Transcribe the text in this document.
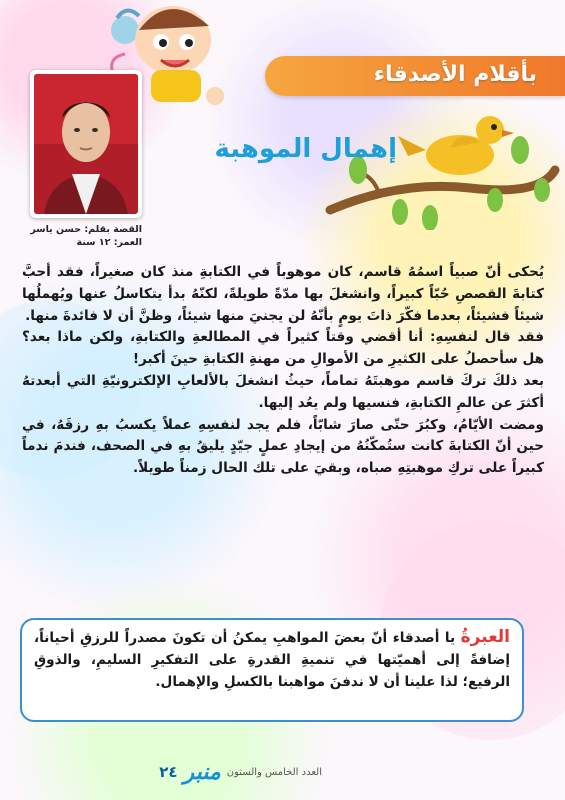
بأقلام الأصدقاء
إهمال الموهبة
القصة بقلم: حسن ياسر
العمر: ١٢ سنة

يُحكى أنّ صبياً اسمُهُ قاسم، كان موهوباً في الكتابةِ منذ كان صغيراً، فقد أحبَّ كتابةَ القصصِ حُبّاً كبيراً، وانشغلَ بها مدّةً طويلةً، لكنّهُ بدأ يتكاسلُ عنها ويُهملُها شيئاً فشيئاً، بعدما فكّرَ ذاتَ يومٍ بأنّهُ لن يجنيَ منها شيئاً، وظنَّ أن لا فائدةَ منها.

فقد قال لنفسِهِ: أنا أقضي وقتاً كثيراً في المطالعةِ والكتابةِ، ولكن ماذا بعد؟ هل سأحصلُ على الكثيرِ من الأموالِ من مهنةِ الكتابةِ حينَ أكبر!

بعد ذلكَ تركَ قاسم موهبتَهُ تماماً، حيثُ انشغلَ بالألعابِ الإلكترونيّةِ التي أبعدتهُ أكثرَ عن عالمِ الكتابةِ، فنسيها ولم يعُد إليها.

ومضت الأيّامُ، وكبُرَ حتّى صارَ شابّاً، فلم يجد لنفسِهِ عملاً يكسبُ بهِ رزقَهُ، في حين أنّ الكتابةَ كانت ستُمكّنُهُ من إيجادِ عملٍ جيّدٍ يليقُ بهِ في الصحف، فندمَ ندماً كبيراً على تركِ موهبتِهِ صباه، وبقيَ على تلك الحال زمناً طويلاً.

العبرةُ يا أصدقاء أنّ بعضَ المواهبِ يمكنُ أن تكونَ مصدراً للرزقِ أحياناً، إضافةً إلى أهميّتها في تنميةِ القدرةِ على التفكيرِ السليمِ، والذوقِ الرفيع؛ لذا علينا أن لا ندفنَ مواهبنا بالكسلِ والإهمال.
العدد الخامس والستون
منبر
٢٤
